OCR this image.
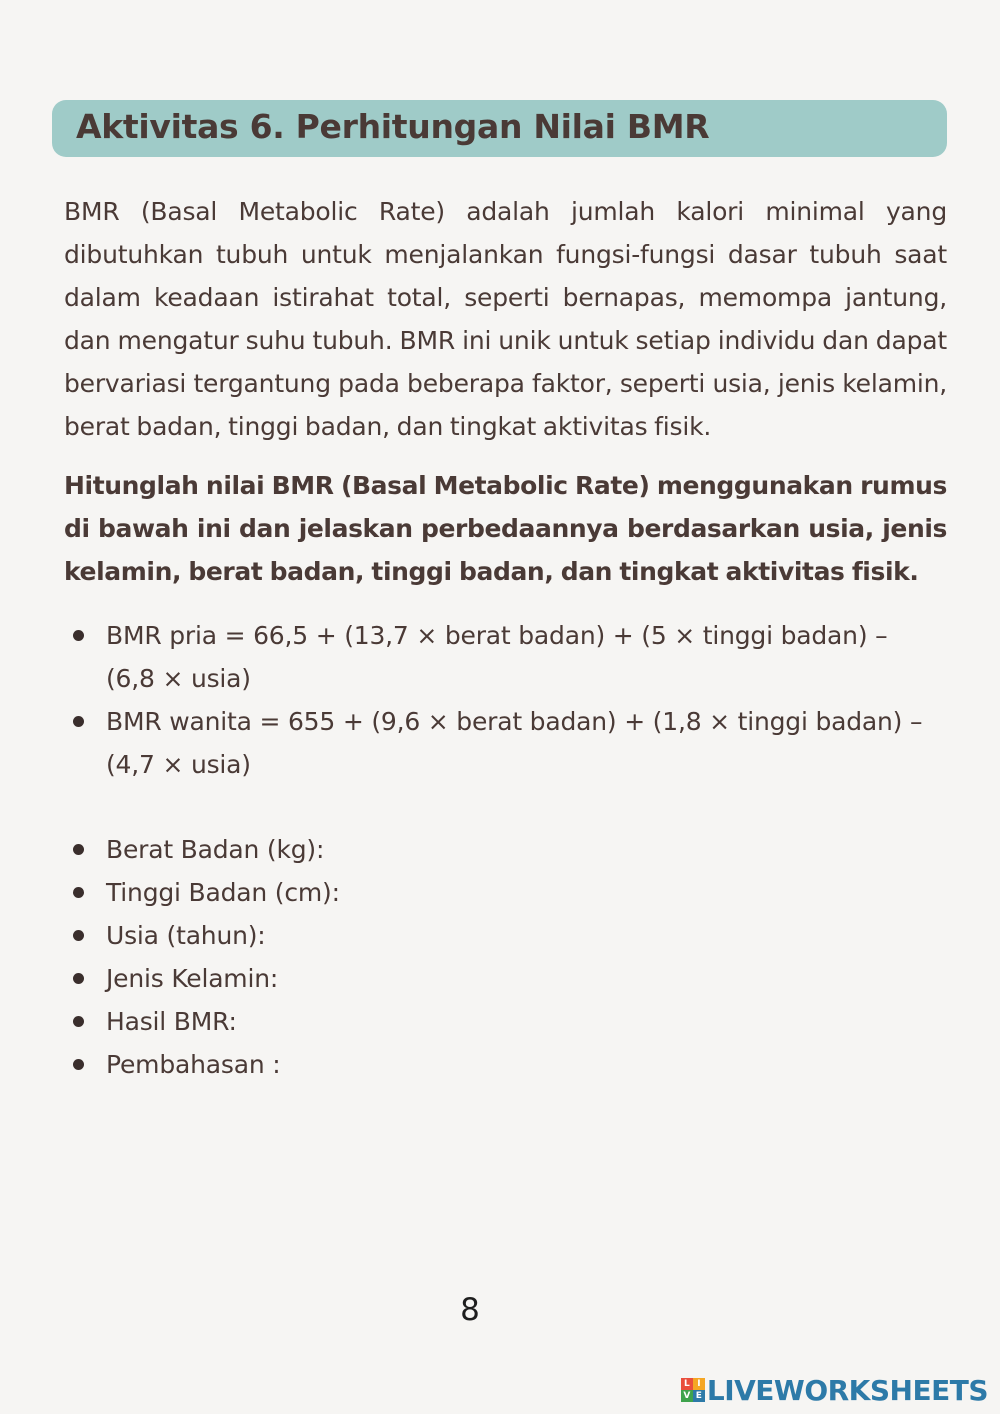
Aktivitas 6. Perhitungan Nilai BMR
BMR (Basal Metabolic Rate) adalah jumlah kalori minimal yang dibutuhkan tubuh untuk menjalankan fungsi-fungsi dasar tubuh saat dalam keadaan istirahat total, seperti bernapas, memompa jantung, dan mengatur suhu tubuh. BMR ini unik untuk setiap individu dan dapat bervariasi tergantung pada beberapa faktor, seperti usia, jenis kelamin, berat badan, tinggi badan, dan tingkat aktivitas fisik.
Hitunglah nilai BMR (Basal Metabolic Rate) menggunakan rumus di bawah ini dan jelaskan perbedaannya berdasarkan usia, jenis kelamin, berat badan, tinggi badan, dan tingkat aktivitas fisik.
BMR pria = 66,5 + (13,7 × berat badan) + (5 × tinggi badan) – (6,8 × usia)
BMR wanita = 655 + (9,6 × berat badan) + (1,8 × tinggi badan) – (4,7 × usia)
Berat Badan (kg):
Tinggi Badan (cm):
Usia (tahun):
Jenis Kelamin:
Hasil BMR:
Pembahasan :
8
L I
V E LIVEWORKSHEETS
